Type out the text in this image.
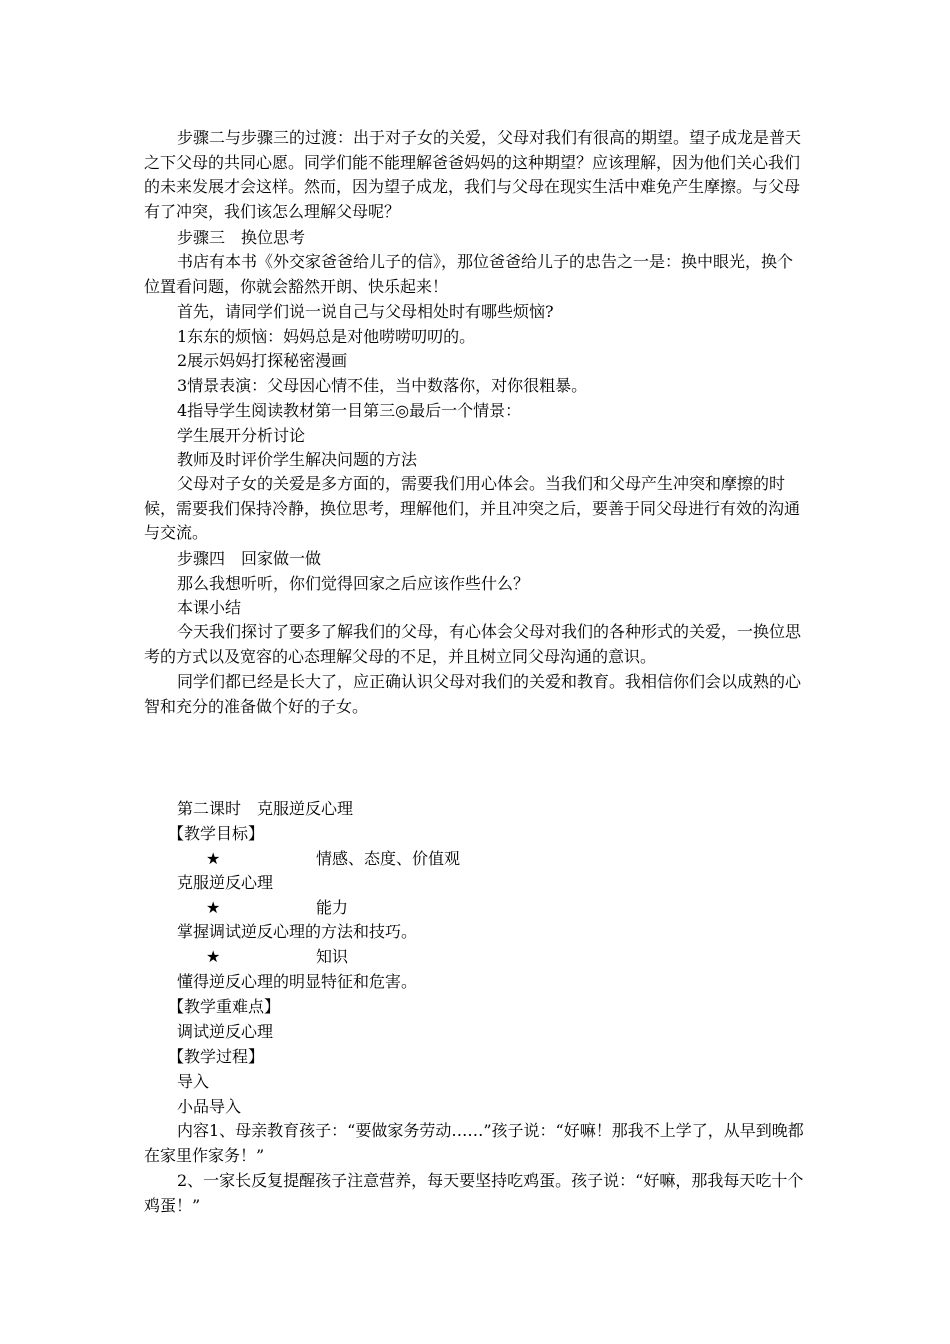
步骤二与步骤三的过渡：出于对子女的关爱，父母对我们有很高的期望。望子成龙是普天之下父母的共同心愿。同学们能不能理解爸爸妈妈的这种期望？应该理解，因为他们关心我们的未来发展才会这样。然而，因为望子成龙，我们与父母在现实生活中难免产生摩擦。与父母有了冲突，我们该怎么理解父母呢？

步骤三　换位思考

书店有本书《外交家爸爸给儿子的信》，那位爸爸给儿子的忠告之一是：换中眼光，换个位置看问题，你就会豁然开朗、快乐起来！

首先，请同学们说一说自己与父母相处时有哪些烦恼?

1东东的烦恼：妈妈总是对他唠唠叨叨的。

2展示妈妈打探秘密漫画

3情景表演：父母因心情不佳，当中数落你，对你很粗暴。

4指导学生阅读教材第一目第三◎最后一个情景：

学生展开分析讨论

教师及时评价学生解决问题的方法

父母对子女的关爱是多方面的，需要我们用心体会。当我们和父母产生冲突和摩擦的时候，需要我们保持冷静，换位思考，理解他们，并且冲突之后，要善于同父母进行有效的沟通与交流。

步骤四　回家做一做

那么我想听听，你们觉得回家之后应该作些什么？

本课小结

今天我们探讨了要多了解我们的父母，有心体会父母对我们的各种形式的关爱，一换位思考的方式以及宽容的心态理解父母的不足，并且树立同父母沟通的意识。

同学们都已经是长大了，应正确认识父母对我们的关爱和教育。我相信你们会以成熟的心智和充分的准备做个好的子女。

第二课时　克服逆反心理

【教学目标】

★	情感、态度、价值观

克服逆反心理

★	能力

掌握调试逆反心理的方法和技巧。

★	知识

懂得逆反心理的明显特征和危害。

【教学重难点】

调试逆反心理

【教学过程】

导入

小品导入

内容1、母亲教育孩子：“要做家务劳动……”孩子说：“好嘛！那我不上学了，从早到晚都在家里作家务！”

2、一家长反复提醒孩子注意营养，每天要坚持吃鸡蛋。孩子说：“好嘛，那我每天吃十个鸡蛋！”
